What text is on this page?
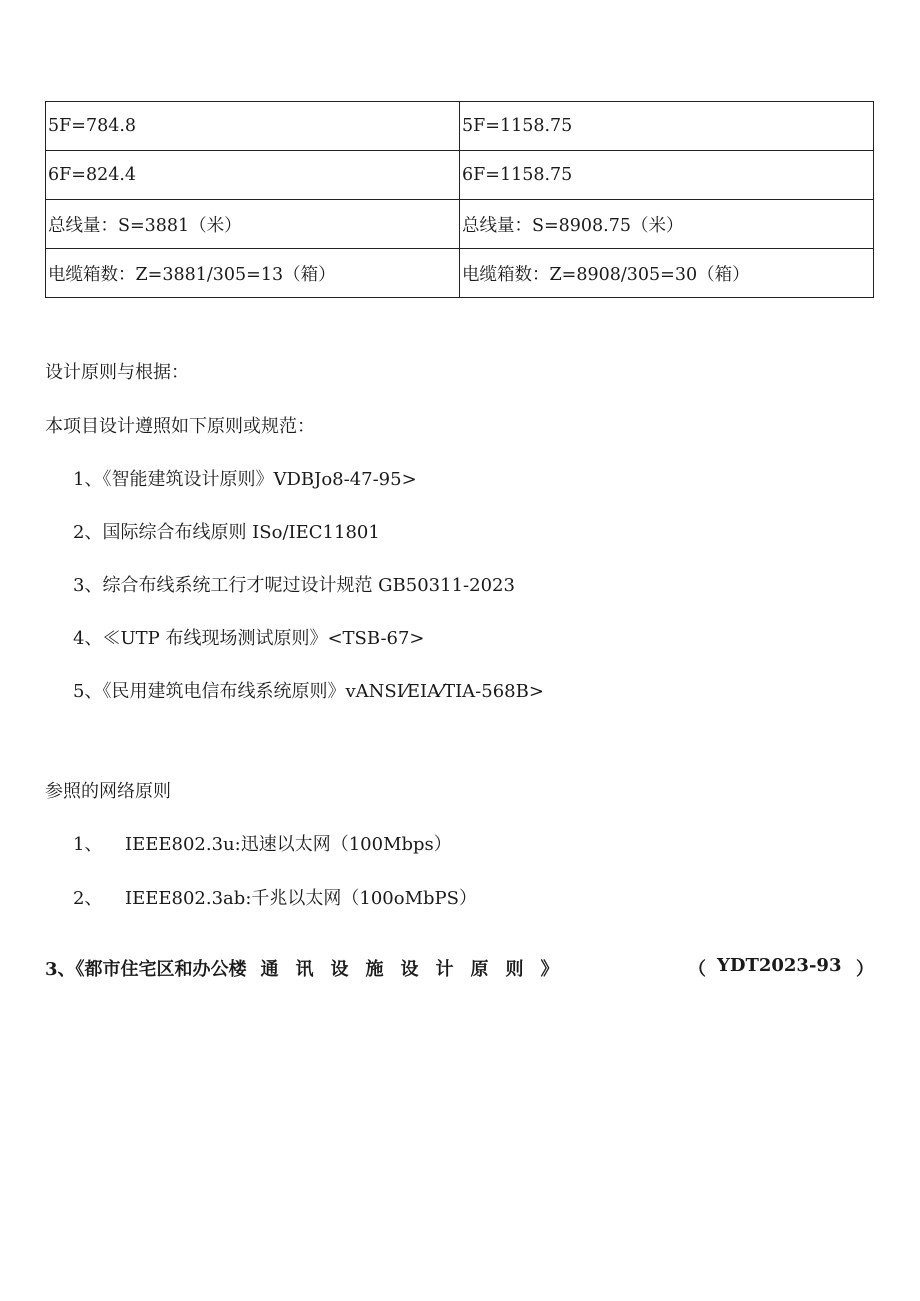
5F=784.8	5F=1158.75
6F=824.4	6F=1158.75
总线量：S=3881（米）	总线量：S=8908.75（米）
电缆箱数：Z=3881/305=13（箱）	电缆箱数：Z=8908/305=30（箱）
设计原则与根据：
本项目设计遵照如下原则或规范：
1、《智能建筑设计原则》VDBJo8-47-95>
2、国际综合布线原则 ISo/IEC11801
3、综合布线系统工行才呢过设计规范 GB50311-2023
4、≪UTP 布线现场测试原则》<TSB-67>
5、《民用建筑电信布线系统原则》vANSI⁄EIA⁄TIA-568B>
参照的网络原则
1、 IEEE802.3u:迅速以太网（100Mbps）
2、 IEEE802.3ab:千兆以太网（100oMbPS）
3、《都市住宅区和办公楼 通讯设施设计原则》	（ YDT2023-93 ）
